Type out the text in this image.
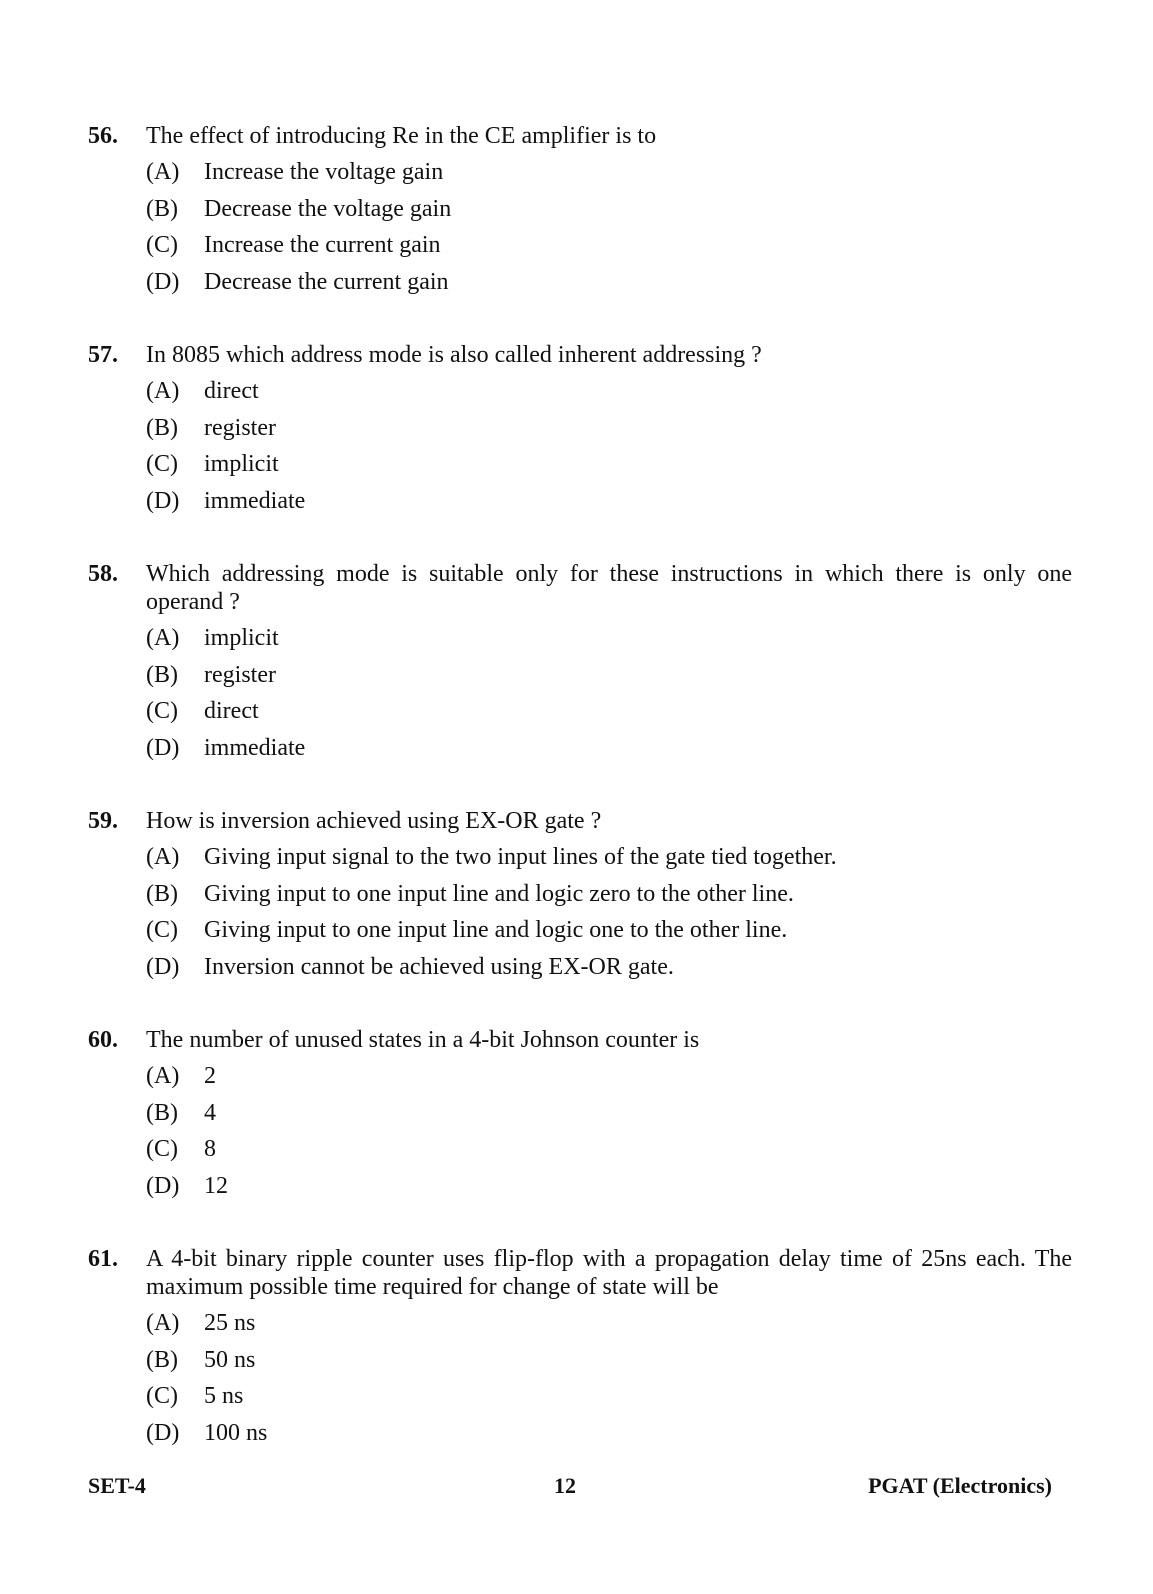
56. The effect of introducing Re in the CE amplifier is to
(A) Increase the voltage gain
(B) Decrease the voltage gain
(C) Increase the current gain
(D) Decrease the current gain
57. In 8085 which address mode is also called inherent addressing ?
(A) direct
(B) register
(C) implicit
(D) immediate
58. Which addressing mode is suitable only for these instructions in which there is only one operand ?
(A) implicit
(B) register
(C) direct
(D) immediate
59. How is inversion achieved using EX-OR gate ?
(A) Giving input signal to the two input lines of the gate tied together.
(B) Giving input to one input line and logic zero to the other line.
(C) Giving input to one input line and logic one to the other line.
(D) Inversion cannot be achieved using EX-OR gate.
60. The number of unused states in a 4-bit Johnson counter is
(A) 2
(B) 4
(C) 8
(D) 12
61. A 4-bit binary ripple counter uses flip-flop with a propagation delay time of 25ns each. The maximum possible time required for change of state will be
(A) 25 ns
(B) 50 ns
(C) 5 ns
(D) 100 ns
SET-4	12	PGAT (Electronics)
